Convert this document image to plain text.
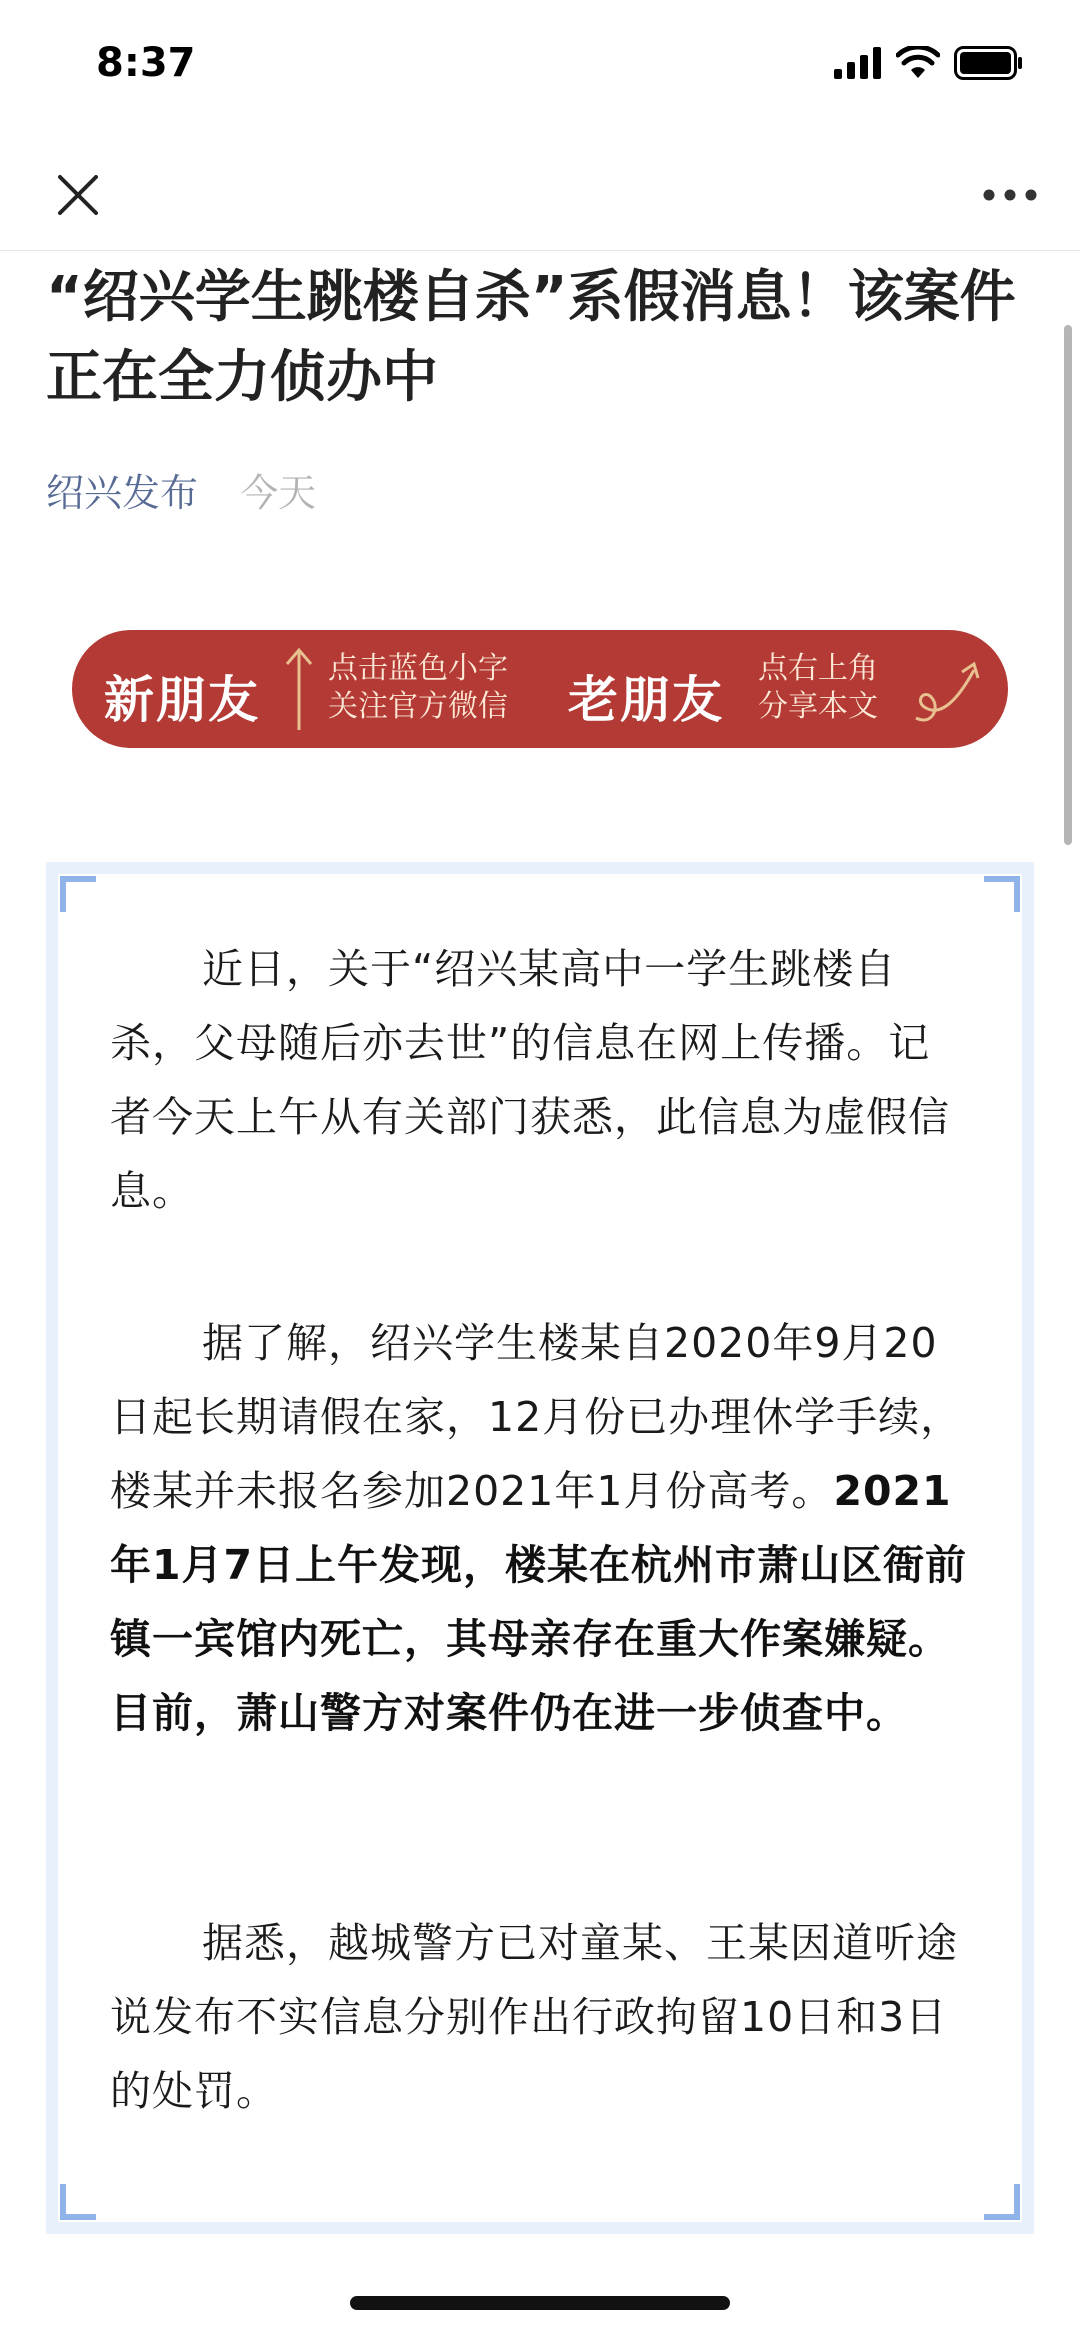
8:37
“绍兴学生跳楼自杀”系假消息！该案件正在全力侦办中
绍兴发布 今天
新朋友
点击蓝色小字
关注官方微信 老朋友
点右上角
分享本文

近日，关于“绍兴某高中一学生跳楼自杀，父母随后亦去世”的信息在网上传播。记者今天上午从有关部门获悉，此信息为虚假信息。

据了解，绍兴学生楼某自2020年9月20日起长期请假在家，12月份已办理休学手续，楼某并未报名参加2021年1月份高考。2021年1月7日上午发现，楼某在杭州市萧山区衙前镇一宾馆内死亡，其母亲存在重大作案嫌疑。目前，萧山警方对案件仍在进一步侦查中。

据悉，越城警方已对童某、王某因道听途说发布不实信息分别作出行政拘留10日和3日的处罚。
